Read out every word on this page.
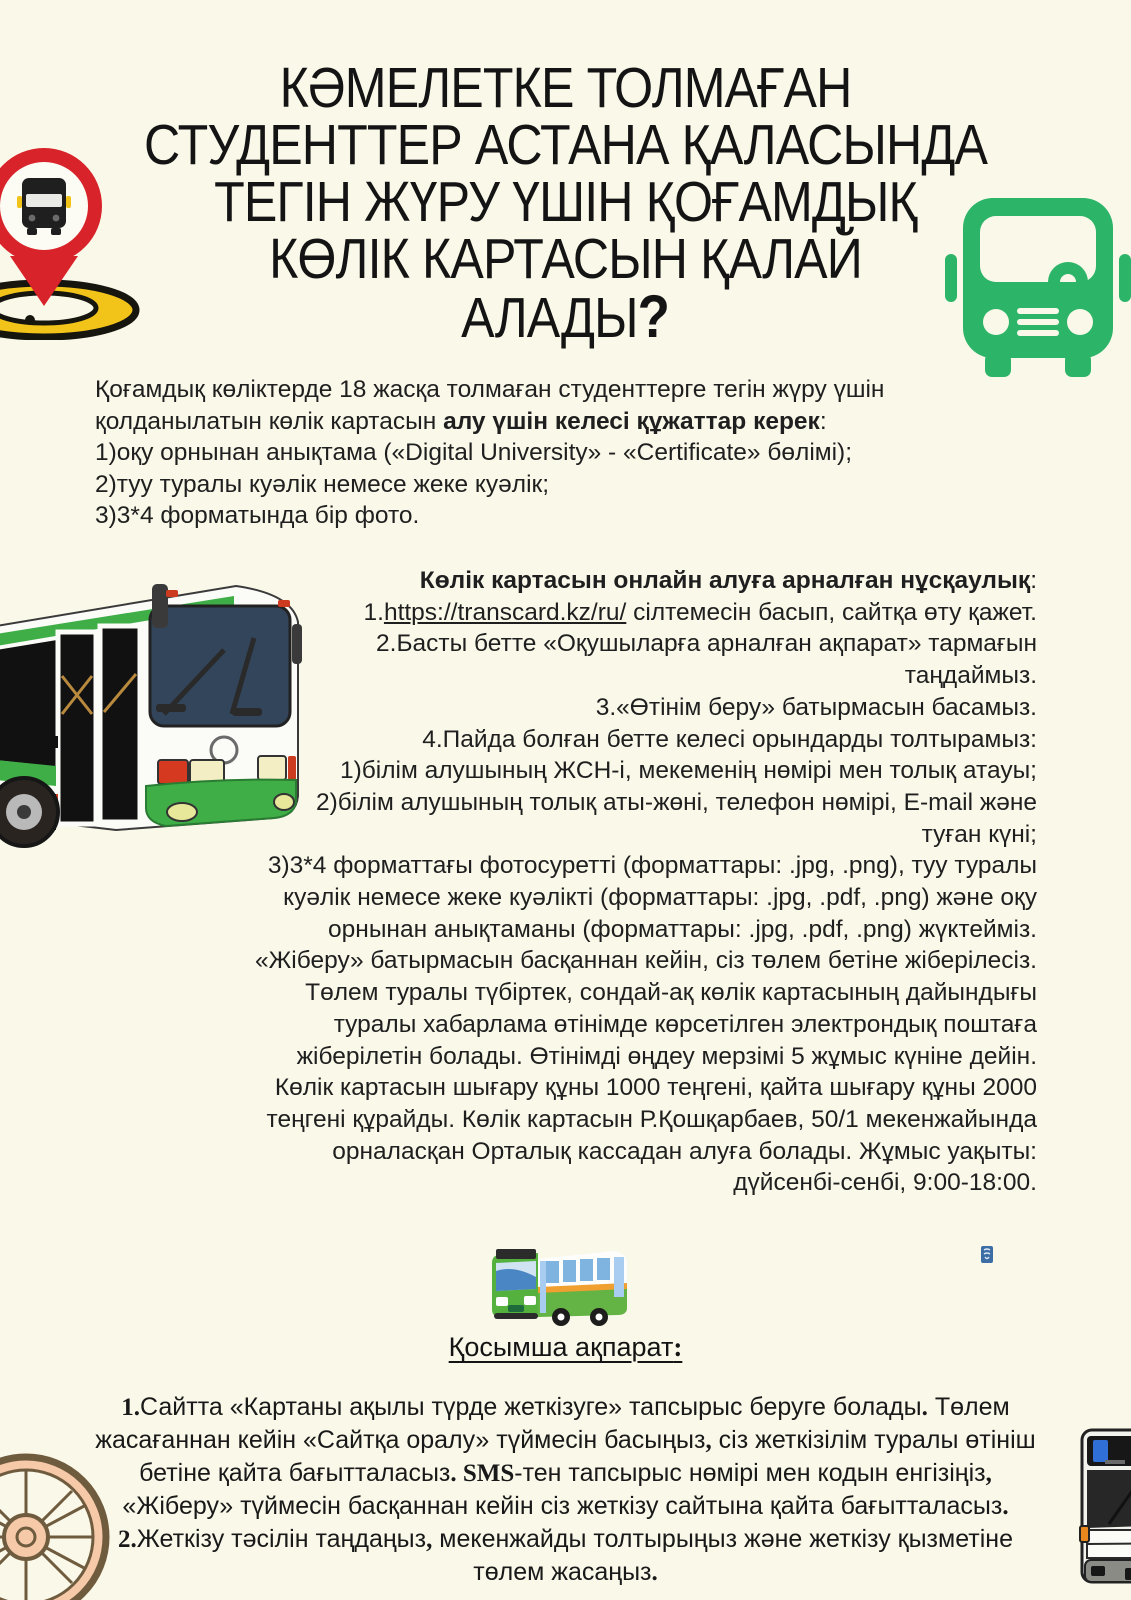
КӘМЕЛЕТКЕ ТОЛМАҒАН
СТУДЕНТТЕР АСТАНА ҚАЛАСЫНДА
ТЕГІН ЖҮРУ ҮШІН ҚОҒАМДЫҚ
КӨЛІК КАРТАСЫН ҚАЛАЙ
АЛАДЫ?
Қоғамдық көліктерде 18 жасқа толмаған студенттерге тегін жүру үшін
қолданылатын көлік картасын алу үшін келесі құжаттар керек:
1)оқу орнынан анықтама («Digital University» - «Certificate» бөлімі);
2)туу туралы куәлік немесе жеке куәлік;
3)3*4 форматында бір фото.
Көлік картасын онлайн алуға арналған нұсқаулық:
1.https://transcard.kz/ru/ сілтемесін басып, сайтқа өту қажет.
2.Басты бетте «Оқушыларға арналған ақпарат» тармағын
таңдаймыз.
3.«Өтінім беру» батырмасын басамыз.
4.Пайда болған бетте келесі орындарды толтырамыз:
1)білім алушының ЖСН-і, мекеменің нөмірі мен толық атауы;
2)білім алушының толық аты-жөні, телефон нөмірі, E-mail және
туған күні;
3)3*4 форматтағы фотосуретті (форматтары: .jpg, .png), туу туралы
куәлік немесе жеке куәлікті (форматтары: .jpg, .pdf, .png) және оқу
орнынан анықтаманы (форматтары: .jpg, .pdf, .png) жүктейміз.
«Жіберу» батырмасын басқаннан кейін, сіз төлем бетіне жіберілесіз.
Төлем туралы түбіртек, сондай-ақ көлік картасының дайындығы
туралы хабарлама өтінімде көрсетілген электрондық поштаға
жіберілетін болады. Өтінімді өңдеу мерзімі 5 жұмыс күніне дейін.
Көлік картасын шығару құны 1000 теңгені, қайта шығару құны 2000
теңгені құрайды. Көлік картасын Р.Қошқарбаев, 50/1 мекенжайында
орналасқан Орталық кассадан алуға болады. Жұмыс уақыты:
дүйсенбі-сенбі, 9:00-18:00.
Қосымша ақпарат:
1.Сайтта «Картаны ақылы түрде жеткізуге» тапсырыс беруге болады. Төлем
жасағаннан кейін «Сайтқа оралу» түймесін басыңыз, сіз жеткізілім туралы өтініш
бетіне қайта бағытталасыз. SMS-тен тапсырыс нөмірі мен кодын енгізіңіз,
«Жіберу» түймесін басқаннан кейін сіз жеткізу сайтына қайта бағытталасыз.
2.Жеткізу тәсілін таңдаңыз, мекенжайды толтырыңыз және жеткізу қызметіне
төлем жасаңыз.
